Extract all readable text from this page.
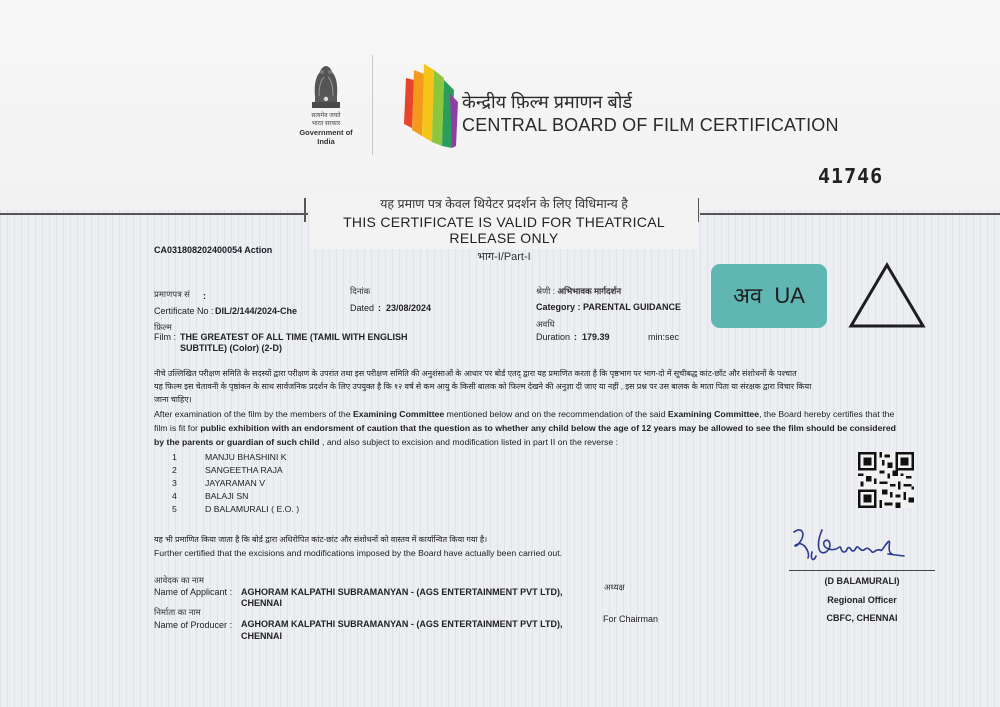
सत्यमेव जयते
भारत सरकार
Government of India
केन्द्रीय फ़िल्म प्रमाणन बोर्ड
CENTRAL BOARD OF FILM CERTIFICATION
41746
यह प्रमाण पत्र केवल थियेटर प्रदर्शन के लिए विधिमान्य है
THIS CERTIFICATE IS VALID FOR THEATRICAL RELEASE ONLY
भाग-I/Part-I
CA031808202400054 Action
प्रमाणपत्र सं :
Certificate No : DIL/2/144/2024-Che
दिनांक
Dated : 23/08/2024
श्रेणी : अभिभावक मार्गदर्शन
Category : PARENTAL GUIDANCE
फ़िल्म
Film : THE GREATEST OF ALL TIME (TAMIL WITH ENGLISH
SUBTITLE) (Color) (2-D)
अवधि
Duration : 179.39	min:sec
अव UA
नीचे उल्लिखित परीक्षण समिति के सदस्यों द्वारा परीक्षण के उपरांत तथा इस परीक्षण समिति की अनुशंसाओं के आधार पर बोर्ड एतद् द्वारा यह प्रमाणित करता है कि पृष्ठभाग पर भाग-दो में सूचीबद्ध कांट-छाँट और संशोधनों के पश्चात
यह फिल्म इस चेतावनी के पृष्ठांकन के साथ सार्वजनिक प्रदर्शन के लिए उपयुक्त है कि १२ वर्ष से कम आयु के किसी बालक को फिल्म देखने की अनुज्ञा दी जाए या नहीं , इस प्रश्न पर उस बालक के माता पिता या संरक्षक द्वारा विचार किया
जाना चाहिए।
After examination of the film by the members of the Examining Committee mentioned below and on the recommendation of the said Examining Committee, the Board hereby certifies that the film is fit for public exhibition with an endorsment of caution that the question as to whether any child below the age of 12 years may be allowed to see the film should be considered by the parents or guardian of such child , and also subject to excision and modification listed in part II on the reverse :
1	MANJU BHASHINI K
2	SANGEETHA RAJA
3	JAYARAMAN V
4	BALAJI SN
5	D BALAMURALI ( E.O. )
यह भी प्रमाणित किया जाता है कि बोर्ड द्वारा अधिरोपित कांट-छांट और संशोधनों को वास्तव में कार्यान्वित किया गया है।
Further certified that the excisions and modifications imposed by the Board have actually been carried out.
आवेदक का नाम
Name of Applicant : AGHORAM KALPATHI SUBRAMANYAN - (AGS ENTERTAINMENT PVT LTD),
CHENNAI
निर्माता का नाम
Name of Producer : AGHORAM KALPATHI SUBRAMANYAN - (AGS ENTERTAINMENT PVT LTD),
CHENNAI
अध्यक्ष
For Chairman
(D BALAMURALI)
Regional Officer
CBFC, CHENNAI
